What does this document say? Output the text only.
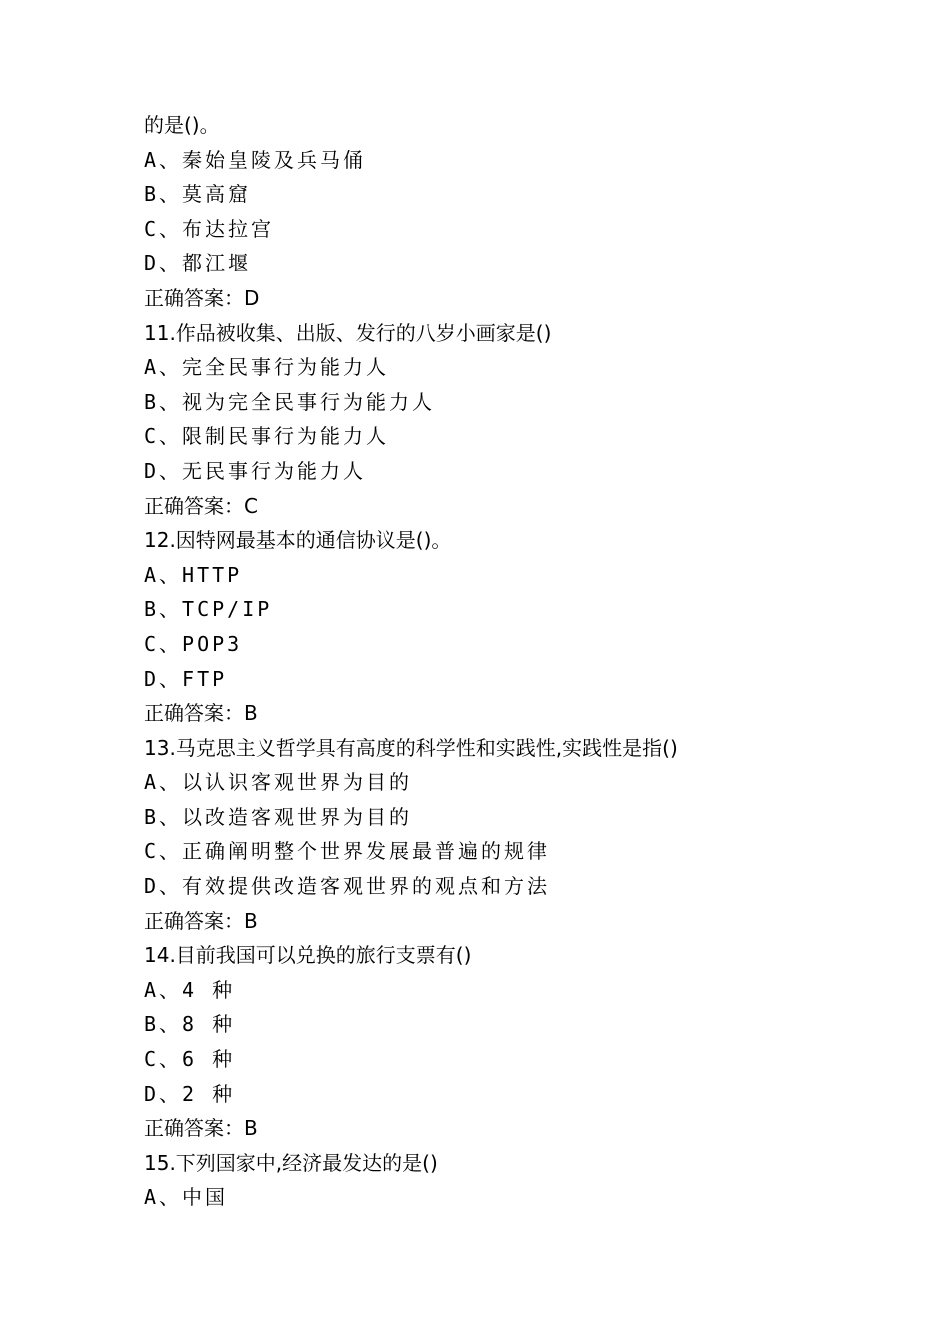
的是()。
A、秦始皇陵及兵马俑
B、莫高窟
C、布达拉宫
D、都江堰
正确答案：D
11.作品被收集、出版、发行的八岁小画家是()
A、完全民事行为能力人
B、视为完全民事行为能力人
C、限制民事行为能力人
D、无民事行为能力人
正确答案：C
12.因特网最基本的通信协议是()。
A、HTTP
B、TCP/IP
C、POP3
D、FTP
正确答案：B
13.马克思主义哲学具有高度的科学性和实践性,实践性是指()
A、以认识客观世界为目的
B、以改造客观世界为目的
C、正确阐明整个世界发展最普遍的规律
D、有效提供改造客观世界的观点和方法
正确答案：B
14.目前我国可以兑换的旅行支票有()
A、4 种
B、8 种
C、6 种
D、2 种
正确答案：B
15.下列国家中,经济最发达的是()
A、中国
